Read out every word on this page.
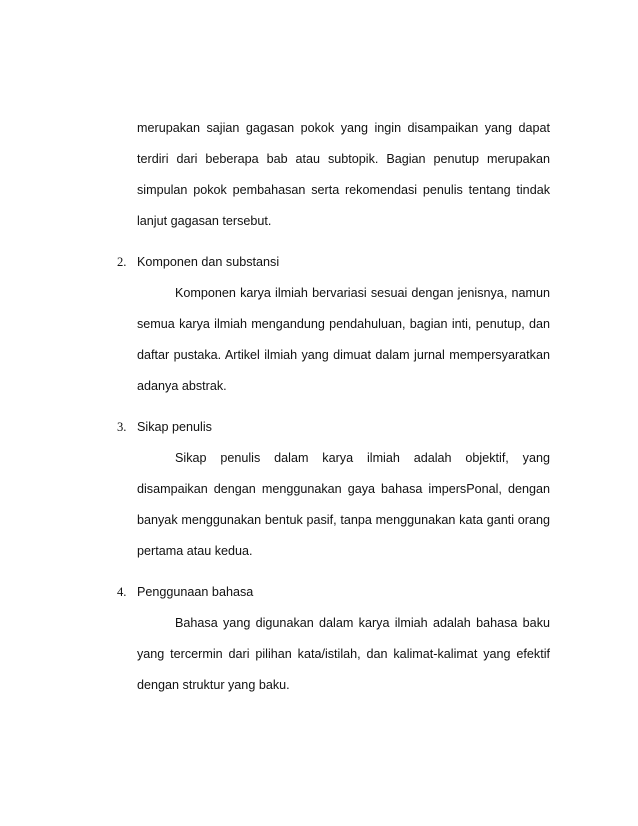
merupakan sajian gagasan pokok yang ingin disampaikan yang dapat terdiri dari beberapa bab atau subtopik. Bagian penutup merupakan simpulan pokok pembahasan serta rekomendasi penulis tentang tindak lanjut gagasan tersebut.

2. Komponen dan substansi

Komponen karya ilmiah bervariasi sesuai dengan jenisnya, namun semua karya ilmiah mengandung pendahuluan, bagian inti, penutup, dan daftar pustaka. Artikel ilmiah yang dimuat dalam jurnal mempersyaratkan adanya abstrak.

3. Sikap penulis

Sikap penulis dalam karya ilmiah adalah objektif, yang disampaikan dengan menggunakan gaya bahasa impersPonal, dengan banyak menggunakan bentuk pasif, tanpa menggunakan kata ganti orang pertama atau kedua.

4. Penggunaan bahasa

Bahasa yang digunakan dalam karya ilmiah adalah bahasa baku yang tercermin dari pilihan kata/istilah, dan kalimat-kalimat yang efektif dengan struktur yang baku.
